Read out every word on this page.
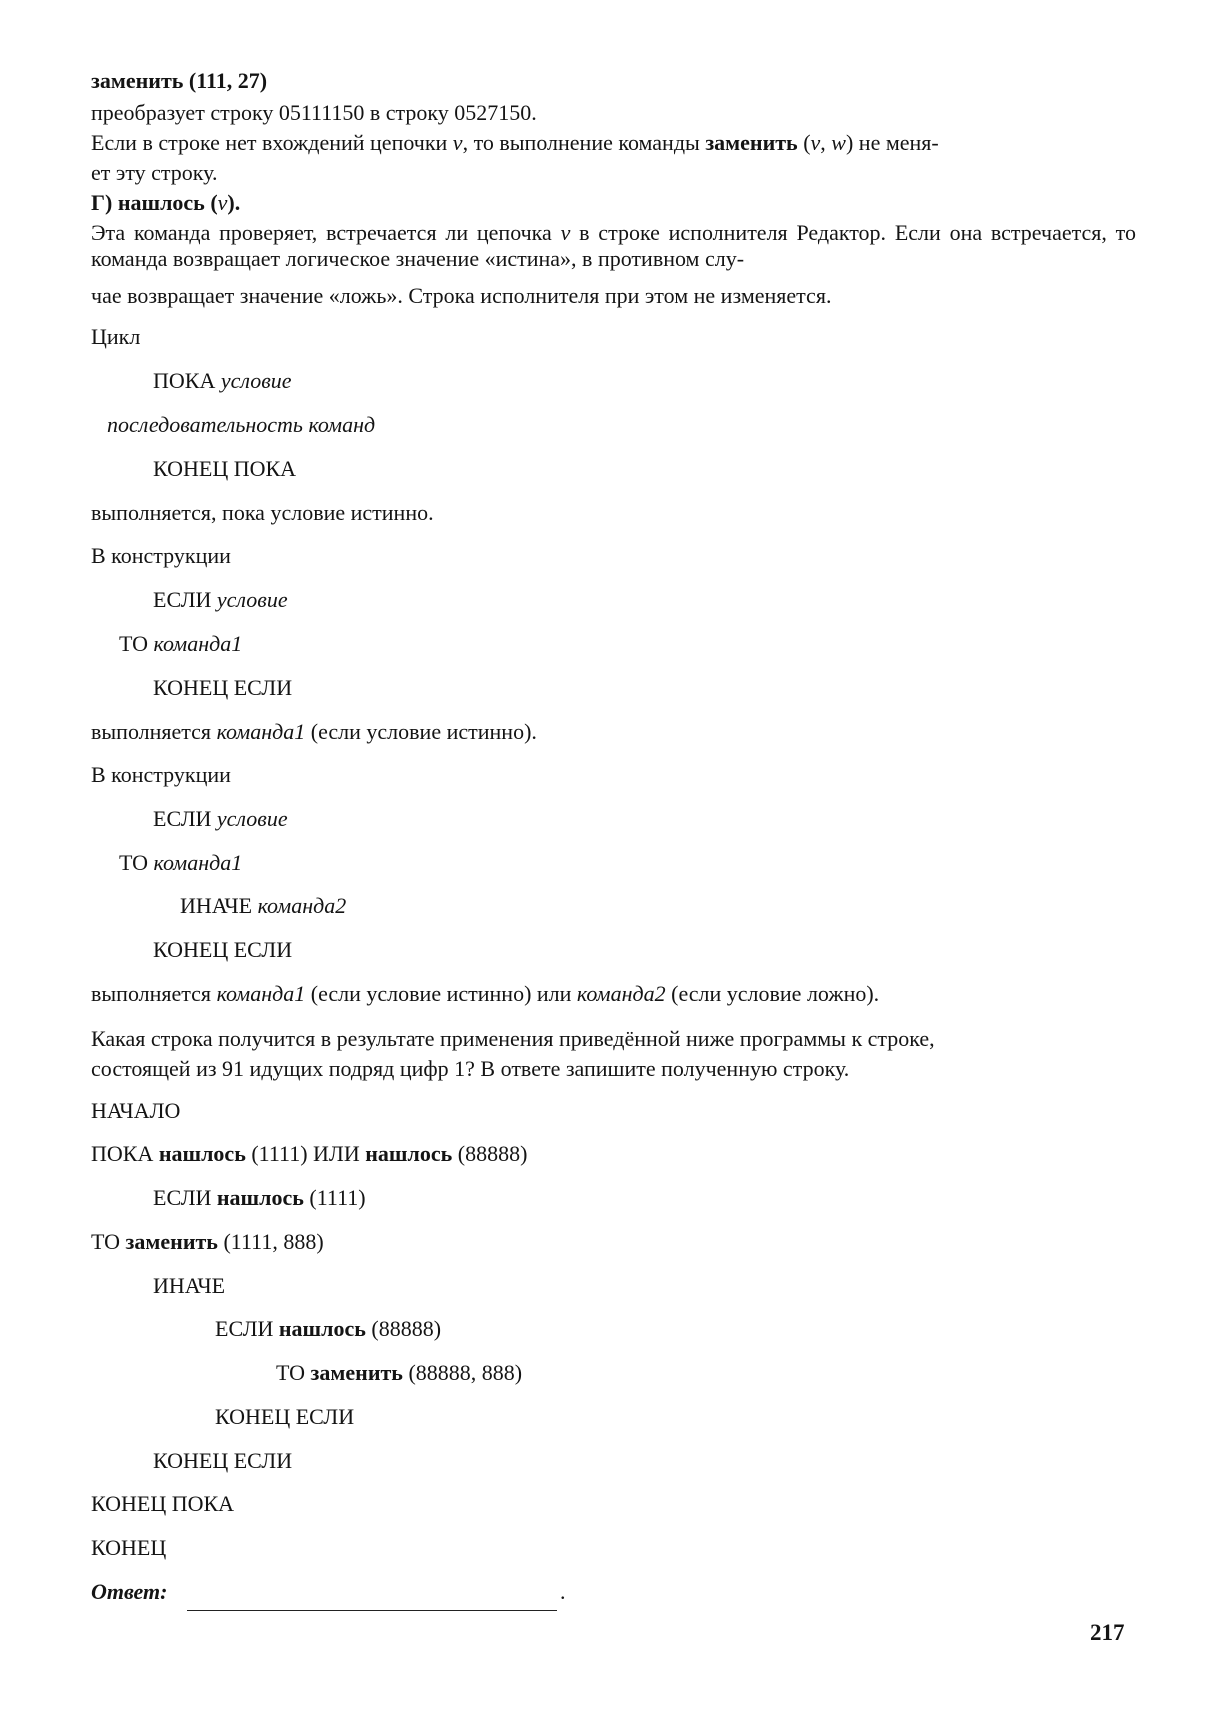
заменить (111, 27)
преобразует строку 05111150 в строку 0527150.
Если в строке нет вхождений цепочки v, то выполнение команды заменить (v, w) не меня-
ет эту строку.
Г) нашлось (v).
Эта команда проверяет, встречается ли цепочка v в строке исполнителя Редактор. Если она встречается, то команда возвращает логическое значение «истина», в противном слу-
чае возвращает значение «ложь». Строка исполнителя при этом не изменяется.
Цикл
ПОКА условие
последовательность команд
КОНЕЦ ПОКА
выполняется, пока условие истинно.
В конструкции
ЕСЛИ условие
ТО команда1
КОНЕЦ ЕСЛИ
выполняется команда1 (если условие истинно).
В конструкции
ЕСЛИ условие
ТО команда1
ИНАЧЕ команда2
КОНЕЦ ЕСЛИ
выполняется команда1 (если условие истинно) или команда2 (если условие ложно).
Какая строка получится в результате применения приведённой ниже программы к строке,
состоящей из 91 идущих подряд цифр 1? В ответе запишите полученную строку.
НАЧАЛО
ПОКА нашлось (1111) ИЛИ нашлось (88888)
ЕСЛИ нашлось (1111)
ТО заменить (1111, 888)
ИНАЧЕ
ЕСЛИ нашлось (88888)
ТО заменить (88888, 888)
КОНЕЦ ЕСЛИ
КОНЕЦ ЕСЛИ
КОНЕЦ ПОКА
КОНЕЦ
Ответ:	.
217
